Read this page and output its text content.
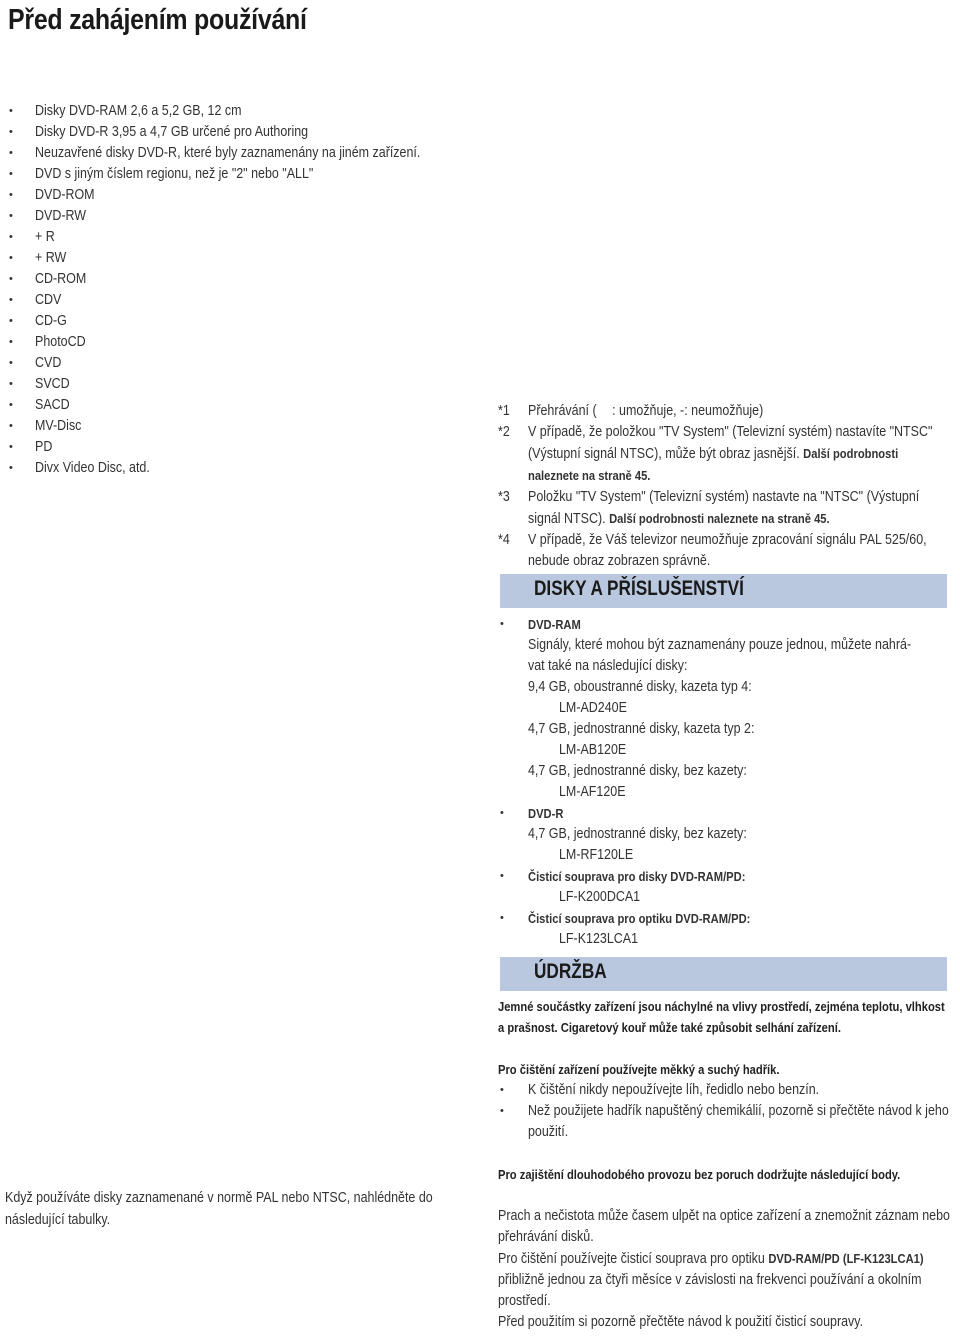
Před zahájením používání
• Disky DVD-RAM 2,6 a 5,2 GB, 12 cm
• Disky DVD-R 3,95 a 4,7 GB určené pro Authoring
• Neuzavřené disky DVD-R, které byly zaznamenány na jiném zařízení.
• DVD s jiným číslem regionu, než je "2" nebo "ALL"
• DVD-ROM
• DVD-RW
• + R
• + RW
• CD-ROM
• CDV
• CD-G
• PhotoCD
• CVD
• SVCD
• SACD
• MV-Disc
• PD
• Divx Video Disc, atd.
*1 Přehrávání ( : umožňuje, -: neumožňuje)
*2 V případě, že položkou "TV System" (Televizní systém) nastavíte "NTSC" (Výstupní signál NTSC), může být obraz jasnější. Další podrobnosti naleznete na straně 45.
*3 Položku "TV System" (Televizní systém) nastavte na "NTSC" (Výstupní signál NTSC). Další podrobnosti naleznete na straně 45.
*4 V případě, že Váš televizor neumožňuje zpracování signálu PAL 525/60, nebude obraz zobrazen správně.
DISKY A PŘÍSLUŠENSTVÍ
• DVD-RAM
Signály, které mohou být zaznamenány pouze jednou, můžete nahrá-
vat také na následující disky:
9,4 GB, oboustranné disky, kazeta typ 4:
LM-AD240E
4,7 GB, jednostranné disky, kazeta typ 2:
LM-AB120E
4,7 GB, jednostranné disky, bez kazety:
LM-AF120E
• DVD-R
4,7 GB, jednostranné disky, bez kazety:
LM-RF120LE
• Čisticí souprava pro disky DVD-RAM/PD:
LF-K200DCA1
• Čisticí souprava pro optiku DVD-RAM/PD:
LF-K123LCA1
ÚDRŽBA
Jemné součástky zařízení jsou náchylné na vlivy prostředí, zejména teplotu, vlhkost
a prašnost. Cigaretový kouř může také způsobit selhání zařízení.
Pro čištění zařízení používejte měkký a suchý hadřík.
• K čištění nikdy nepoužívejte líh, ředidlo nebo benzín.
• Než použijete hadřík napuštěný chemikálií, pozorně si přečtěte návod k jeho použití.
Pro zajištění dlouhodobého provozu bez poruch dodržujte následující body.
Prach a nečistota může časem ulpět na optice zařízení a znemožnit záznam nebo přehrávání disků.
Pro čištění používejte čisticí souprava pro optiku DVD-RAM/PD (LF-K123LCA1) přibližně jednou za čtyři měsíce v závislosti na frekvenci používání a okolním prostředí.
Před použitím si pozorně přečtěte návod k použití čisticí soupravy.
Když používáte disky zaznamenané v normě PAL nebo NTSC, nahlédněte do následující tabulky.
